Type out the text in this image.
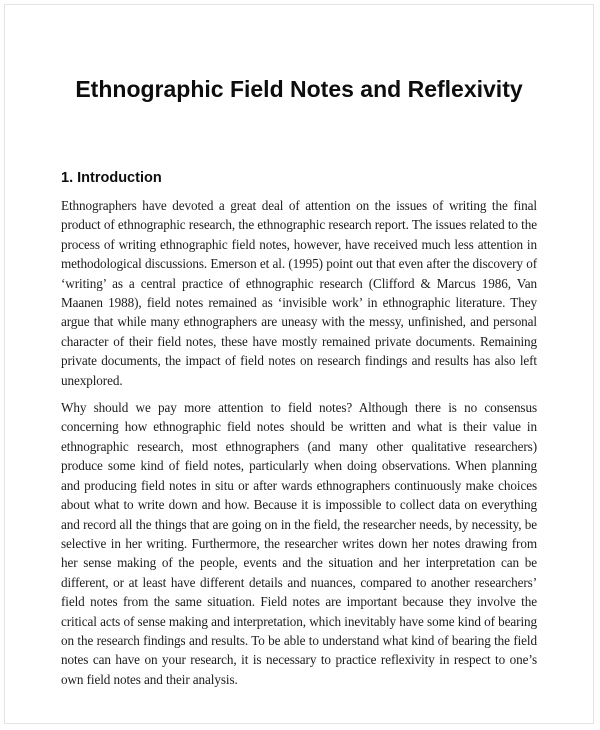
Ethnographic Field Notes and Reflexivity
1. Introduction

Ethnographers have devoted a great deal of attention on the issues of writing the final product of ethnographic research, the ethnographic research report. The issues related to the process of writing ethnographic field notes, however, have received much less attention in methodological discussions. Emerson et al. (1995) point out that even after the discovery of ‘writing’ as a central practice of ethnographic research (Clifford & Marcus 1986, Van Maanen 1988), field notes remained as ‘invisible work’ in ethnographic literature. They argue that while many ethnographers are uneasy with the messy, unfinished, and personal character of their field notes, these have mostly remained private documents. Remaining private documents, the impact of field notes on research findings and results has also left unexplored.

Why should we pay more attention to field notes? Although there is no consensus concerning how ethnographic field notes should be written and what is their value in ethnographic research, most ethnographers (and many other qualitative researchers) produce some kind of field notes, particularly when doing observations. When planning and producing field notes in situ or after wards ethnographers continuously make choices about what to write down and how. Because it is impossible to collect data on everything and record all the things that are going on in the field, the researcher needs, by necessity, be selective in her writing. Furthermore, the researcher writes down her notes drawing from her sense making of the people, events and the situation and her interpretation can be different, or at least have different details and nuances, compared to another researchers’ field notes from the same situation. Field notes are important because they involve the critical acts of sense making and interpretation, which inevitably have some kind of bearing on the research findings and results. To be able to understand what kind of bearing the field notes can have on your research, it is necessary to practice reflexivity in respect to one’s own field notes and their analysis.
